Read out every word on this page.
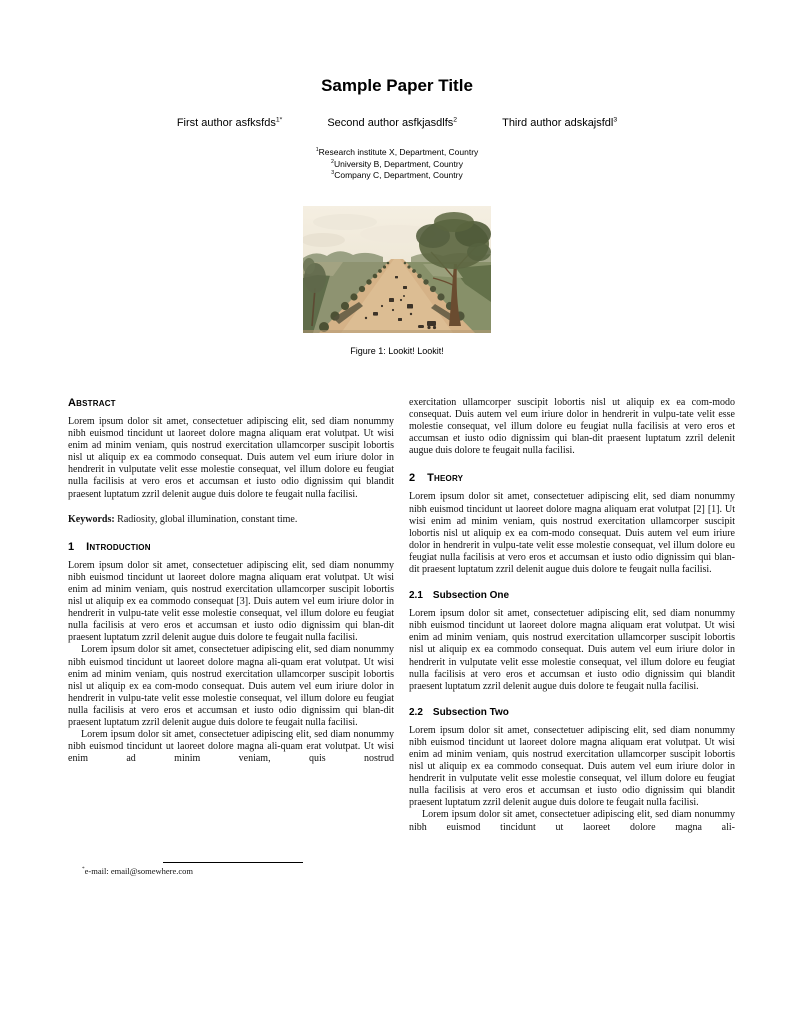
Sample Paper Title
First author asfksfds$^{1*}$	Second author asfkjasdlfs$^2$	Third author adskajsfdl$^3$
$^1$Research institute X, Department, Country
$^2$University B, Department, Country
$^3$Company C, Department, Country
Figure 1: Lookit! Lookit!
Abstract

Lorem ipsum dolor sit amet, consectetuer adipiscing elit, sed diam nonummy nibh euismod tincidunt ut laoreet dolore magna aliquam erat volutpat. Ut wisi enim ad minim veniam, quis nostrud exercitation ullamcorper suscipit lobortis nisl ut aliquip ex ea commodo consequat. Duis autem vel eum iriure dolor in hendrerit in vulputate velit esse molestie consequat, vel illum dolore eu feugiat nulla facilisis at vero eros et accumsan et iusto odio dignissim qui blandit praesent luptatum zzril delenit augue duis dolore te feugait nulla facilisi.

Keywords: Radiosity, global illumination, constant time.

1 Introduction

Lorem ipsum dolor sit amet, consectetuer adipiscing elit, sed diam nonummy nibh euismod tincidunt ut laoreet dolore magna aliquam erat volutpat. Ut wisi enim ad minim veniam, quis nostrud exercitation ullamcorper suscipit lobortis nisl ut aliquip ex ea commodo consequat [3]. Duis autem vel eum iriure dolor in hendrerit in vulpu-tate velit esse molestie consequat, vel illum dolore eu feugiat nulla facilisis at vero eros et accumsan et iusto odio dignissim qui blan-dit praesent luptatum zzril delenit augue duis dolore te feugait nulla facilisi.

Lorem ipsum dolor sit amet, consectetuer adipiscing elit, sed diam nonummy nibh euismod tincidunt ut laoreet dolore magna ali-quam erat volutpat. Ut wisi enim ad minim veniam, quis nostrud exercitation ullamcorper suscipit lobortis nisl ut aliquip ex ea com-modo consequat. Duis autem vel eum iriure dolor in hendrerit in vulpu-tate velit esse molestie consequat, vel illum dolore eu feugiat nulla facilisis at vero eros et accumsan et iusto odio dignissim qui blan-dit praesent luptatum zzril delenit augue duis dolore te feugait nulla facilisi.

Lorem ipsum dolor sit amet, consectetuer adipiscing elit, sed diam nonummy nibh euismod tincidunt ut laoreet dolore magna ali-quam erat volutpat. Ut wisi enim ad minim veniam, quis nostrud

exercitation ullamcorper suscipit lobortis nisl ut aliquip ex ea com-modo consequat. Duis autem vel eum iriure dolor in hendrerit in vulpu-tate velit esse molestie consequat, vel illum dolore eu feugiat nulla facilisis at vero eros et accumsan et iusto odio dignissim qui blan-dit praesent luptatum zzril delenit augue duis dolore te feugait nulla facilisi.

2 Theory

Lorem ipsum dolor sit amet, consectetuer adipiscing elit, sed diam nonummy nibh euismod tincidunt ut laoreet dolore magna aliquam erat volutpat [2] [1]. Ut wisi enim ad minim veniam, quis nostrud exercitation ullamcorper suscipit lobortis nisl ut aliquip ex ea com-modo consequat. Duis autem vel eum iriure dolor in hendrerit in vulpu-tate velit esse molestie consequat, vel illum dolore eu feugiat nulla facilisis at vero eros et accumsan et iusto odio dignissim qui blan-dit praesent luptatum zzril delenit augue duis dolore te feugait nulla facilisi.

2.1 Subsection One

Lorem ipsum dolor sit amet, consectetuer adipiscing elit, sed diam nonummy nibh euismod tincidunt ut laoreet dolore magna aliquam erat volutpat. Ut wisi enim ad minim veniam, quis nostrud exercitation ullamcorper suscipit lobortis nisl ut aliquip ex ea commodo consequat. Duis autem vel eum iriure dolor in hendrerit in vulputate velit esse molestie consequat, vel illum dolore eu feugiat nulla facilisis at vero eros et accumsan et iusto odio dignissim qui blandit praesent luptatum zzril delenit augue duis dolore te feugait nulla facilisi.

2.2 Subsection Two

Lorem ipsum dolor sit amet, consectetuer adipiscing elit, sed diam nonummy nibh euismod tincidunt ut laoreet dolore magna aliquam erat volutpat. Ut wisi enim ad minim veniam, quis nostrud exercitation ullamcorper suscipit lobortis nisl ut aliquip ex ea commodo consequat. Duis autem vel eum iriure dolor in hendrerit in vulputate velit esse molestie consequat, vel illum dolore eu feugiat nulla facilisis at vero eros et accumsan et iusto odio dignissim qui blandit praesent luptatum zzril delenit augue duis dolore te feugait nulla facilisi.

Lorem ipsum dolor sit amet, consectetuer adipiscing elit, sed diam nonummy nibh euismod tincidunt ut laoreet dolore magna ali-

*e-mail: email@somewhere.com
